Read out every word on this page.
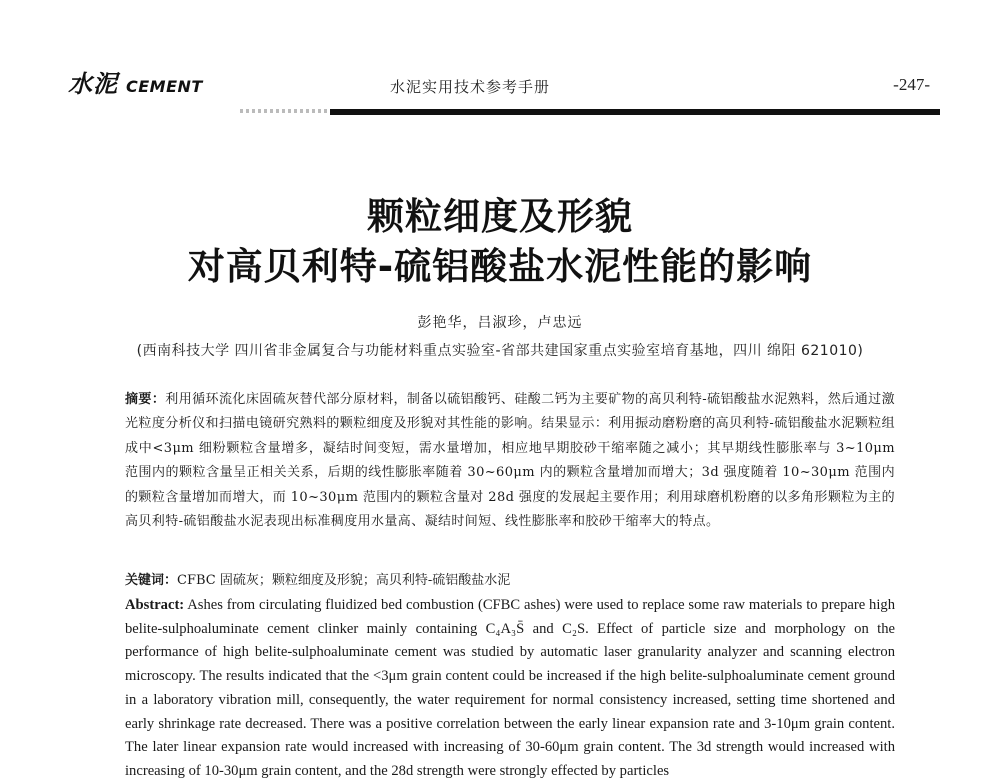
水泥 CEMENT	水泥实用技术参考手册	-247-
颗粒细度及形貌
对高贝利特-硫铝酸盐水泥性能的影响
彭艳华，吕淑珍，卢忠远
(西南科技大学 四川省非金属复合与功能材料重点实验室-省部共建国家重点实验室培育基地，四川 绵阳 621010)
摘要：利用循环流化床固硫灰替代部分原材料，制备以硫铝酸钙、硅酸二钙为主要矿物的高贝利特-硫铝酸盐水泥熟料，然后通过激光粒度分析仪和扫描电镜研究熟料的颗粒细度及形貌对其性能的影响。结果显示：利用振动磨粉磨的高贝利特-硫铝酸盐水泥颗粒组成中<3μm 细粉颗粒含量增多，凝结时间变短，需水量增加，相应地早期胶砂干缩率随之减小；其早期线性膨胀率与 3~10μm 范围内的颗粒含量呈正相关关系，后期的线性膨胀率随着 30~60μm 内的颗粒含量增加而增大；3d 强度随着 10~30μm 范围内的颗粒含量增加而增大，而 10~30μm 范围内的颗粒含量对 28d 强度的发展起主要作用；利用球磨机粉磨的以多角形颗粒为主的高贝利特-硫铝酸盐水泥表现出标准稠度用水量高、凝结时间短、线性膨胀率和胶砂干缩率大的特点。
关键词：CFBC 固硫灰；颗粒细度及形貌；高贝利特-硫铝酸盐水泥
Abstract: Ashes from circulating fluidized bed combustion (CFBC ashes) were used to replace some raw materials to prepare high belite-sulphoaluminate cement clinker mainly containing C₄A₃S̄ and C₂S. Effect of particle size and morphology on the performance of high belite-sulphoaluminate cement was studied by automatic laser granularity analyzer and scanning electron microscopy. The results indicated that the <3μm grain content could be increased if the high belite-sulphoaluminate cement ground in a laboratory vibration mill, consequently, the water requirement for normal consistency increased, setting time shortened and early shrinkage rate decreased. There was a positive correlation between the early linear expansion rate and 3-10μm grain content. The later linear expansion rate would increased with increasing of 30-60μm grain content. The 3d strength would increased with increasing of 10-30μm grain content, and the 28d strength were strongly effected by particles
